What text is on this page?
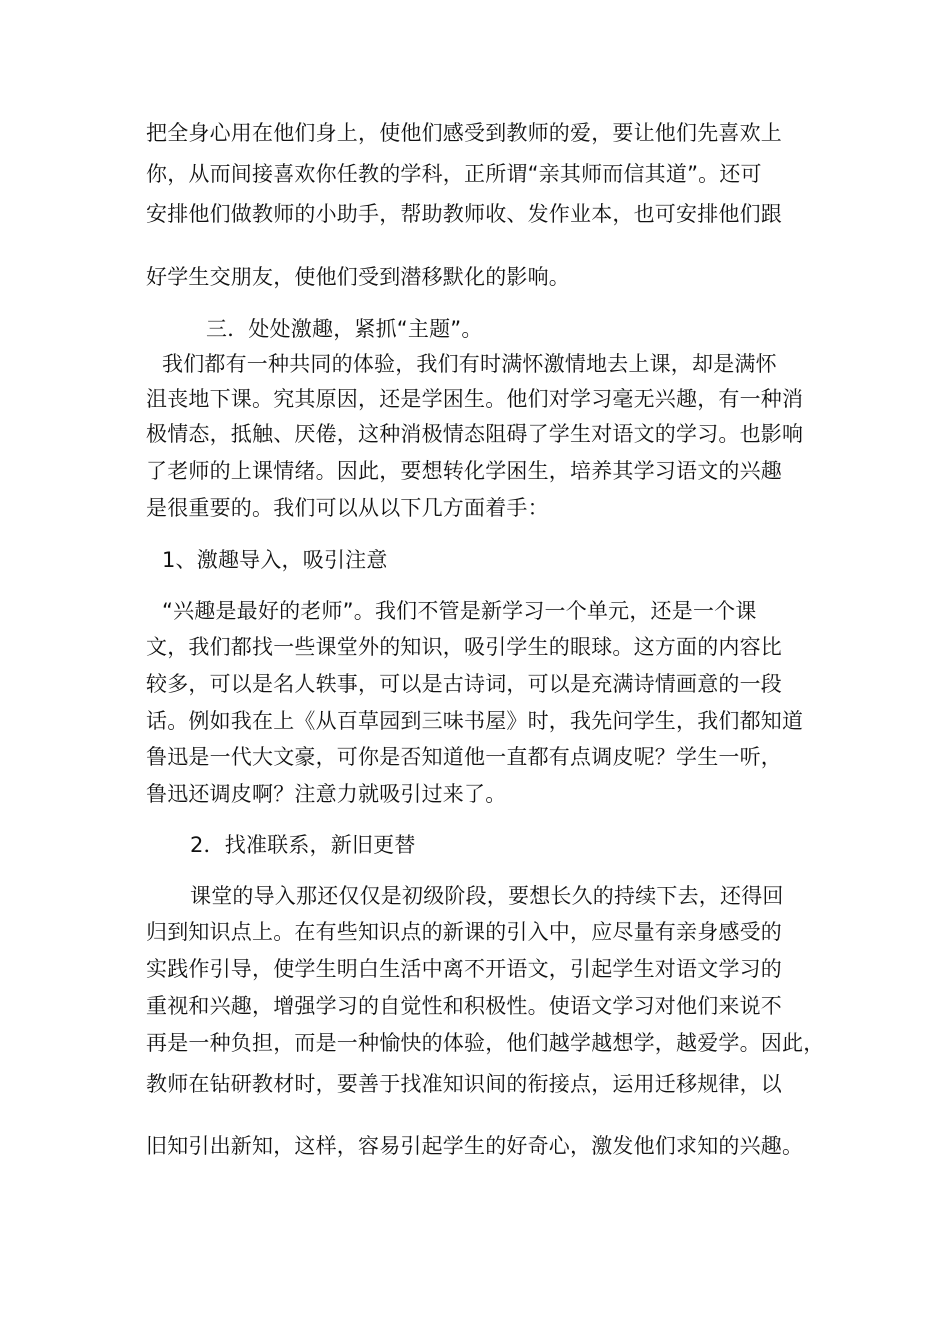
把全身心用在他们身上，使他们感受到教师的爱，要让他们先喜欢上
你，从而间接喜欢你任教的学科，正所谓“亲其师而信其道”。还可
安排他们做教师的小助手，帮助教师收、发作业本，也可安排他们跟
好学生交朋友，使他们受到潜移默化的影响。
三．处处激趣，紧抓“主题”。
我们都有一种共同的体验，我们有时满怀激情地去上课，却是满怀
沮丧地下课。究其原因，还是学困生。他们对学习毫无兴趣，有一种消
极情态，抵触、厌倦，这种消极情态阻碍了学生对语文的学习。也影响
了老师的上课情绪。因此，要想转化学困生，培养其学习语文的兴趣
是很重要的。我们可以从以下几方面着手：
1、激趣导入，吸引注意
“兴趣是最好的老师”。我们不管是新学习一个单元，还是一个课
文，我们都找一些课堂外的知识，吸引学生的眼球。这方面的内容比
较多，可以是名人轶事，可以是古诗词，可以是充满诗情画意的一段
话。例如我在上《从百草园到三味书屋》时，我先问学生，我们都知道
鲁迅是一代大文豪，可你是否知道他一直都有点调皮呢？学生一听，
鲁迅还调皮啊？注意力就吸引过来了。
2．找准联系，新旧更替
课堂的导入那还仅仅是初级阶段，要想长久的持续下去，还得回
归到知识点上。在有些知识点的新课的引入中，应尽量有亲身感受的
实践作引导，使学生明白生活中离不开语文，引起学生对语文学习的
重视和兴趣，增强学习的自觉性和积极性。使语文学习对他们来说不
再是一种负担，而是一种愉快的体验，他们越学越想学，越爱学。因此，
教师在钻研教材时，要善于找准知识间的衔接点，运用迁移规律，以
旧知引出新知，这样，容易引起学生的好奇心，激发他们求知的兴趣。
